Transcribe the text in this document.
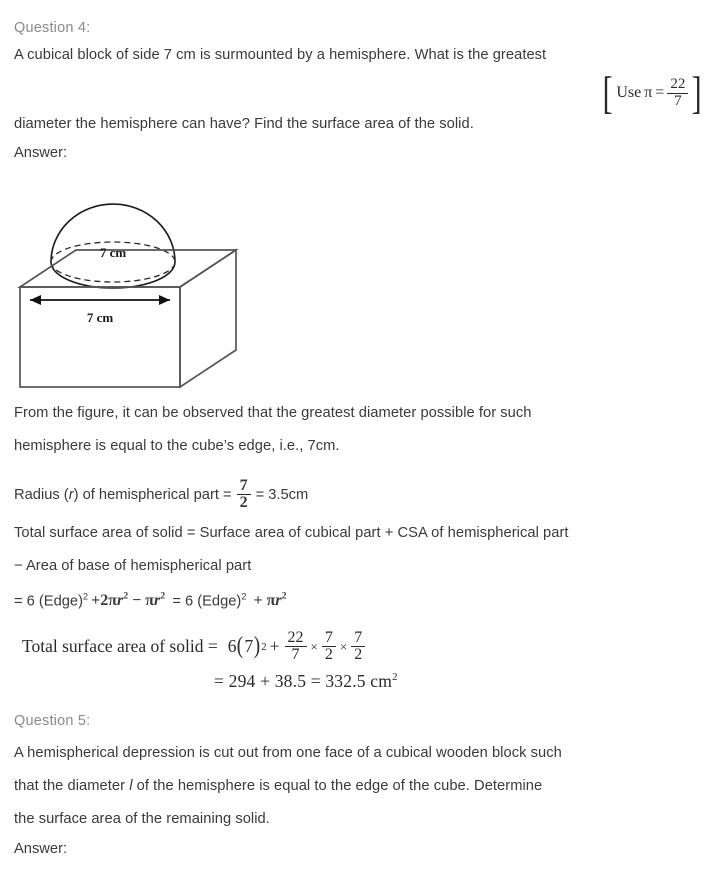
Question 4:
A cubical block of side 7 cm is surmounted by a hemisphere. What is the greatest
diameter the hemisphere can have? Find the surface area of the solid.
[ Use $\pi = \frac{22}{7}$ ]
Answer:
7 cm
7 cm
From the figure, it can be observed that the greatest diameter possible for such
hemisphere is equal to the cube’s edge, i.e., 7cm.
Radius ( r ) of hemispherical part = $\frac{7}{2} = 3.5cm$
Total surface area of solid = Surface area of cubical part + CSA of hemispherical part
− Area of base of hemispherical part
= 6 (Edge)$^2$ $+2\pi r^2 - \pi r^2 = 6$ (Edge)$^2$ + $\pi r^2$
Total surface area of solid = 6 ( 7 ) $2 + \frac{22}{7} \times \frac{7}{2} \times \frac{7}{2}$
= 294 + 38.5 = 332.5 $cm^2$
Question 5:
A hemispherical depression is cut out from one face of a cubical wooden block such
that the diameter l of the hemisphere is equal to the edge of the cube. Determine
the surface area of the remaining solid.
Answer:
